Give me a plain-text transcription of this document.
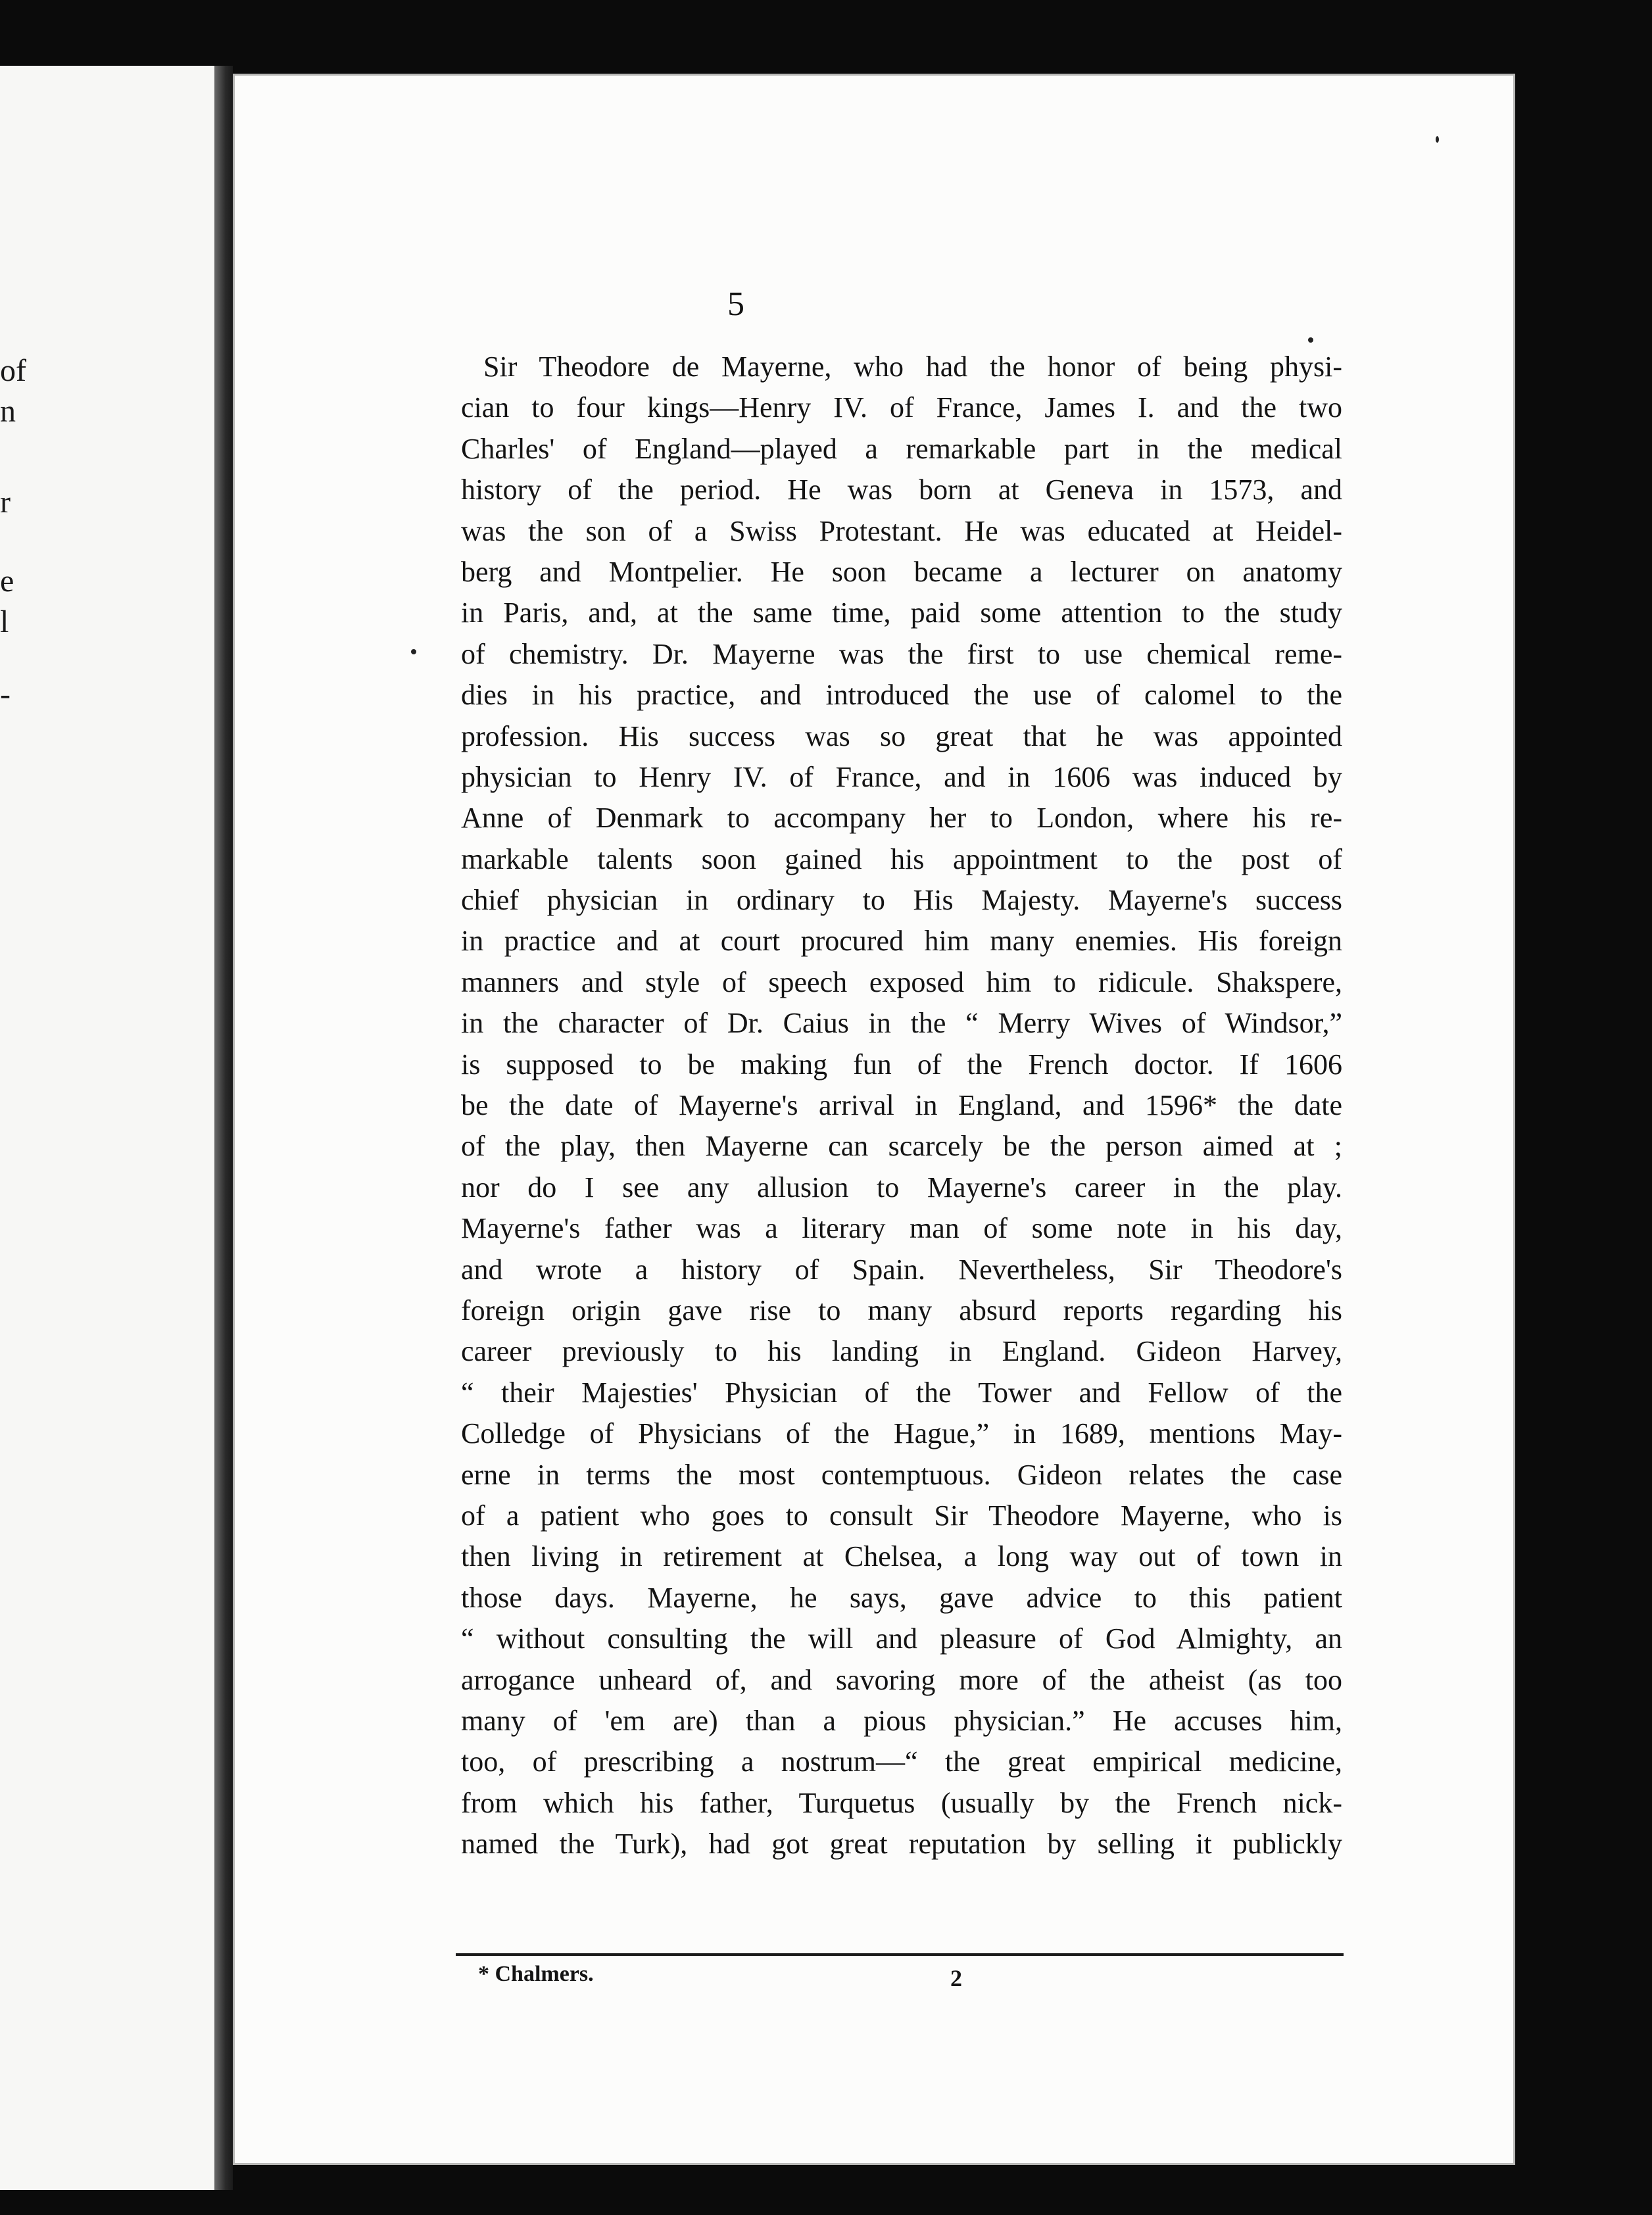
of
n
r
e
l
-
5
Sir Theodore de Mayerne, who had the honor of being physi-
cian to four kings—Henry IV. of France, James I. and the two
Charles' of England—played a remarkable part in the medical
history of the period. He was born at Geneva in 1573, and
was the son of a Swiss Protestant. He was educated at Heidel-
berg and Montpelier. He soon became a lecturer on anatomy
in Paris, and, at the same time, paid some attention to the study
of chemistry. Dr. Mayerne was the first to use chemical reme-
dies in his practice, and introduced the use of calomel to the
profession. His success was so great that he was appointed
physician to Henry IV. of France, and in 1606 was induced by
Anne of Denmark to accompany her to London, where his re-
markable talents soon gained his appointment to the post of
chief physician in ordinary to His Majesty. Mayerne's success
in practice and at court procured him many enemies. His foreign
manners and style of speech exposed him to ridicule. Shakspere,
in the character of Dr. Caius in the “ Merry Wives of Windsor,”
is supposed to be making fun of the French doctor. If 1606
be the date of Mayerne's arrival in England, and 1596* the date
of the play, then Mayerne can scarcely be the person aimed at ;
nor do I see any allusion to Mayerne's career in the play.
Mayerne's father was a literary man of some note in his day,
and wrote a history of Spain. Nevertheless, Sir Theodore's
foreign origin gave rise to many absurd reports regarding his
career previously to his landing in England. Gideon Harvey,
“ their Majesties' Physician of the Tower and Fellow of the
Colledge of Physicians of the Hague,” in 1689, mentions May-
erne in terms the most contemptuous. Gideon relates the case
of a patient who goes to consult Sir Theodore Mayerne, who is
then living in retirement at Chelsea, a long way out of town in
those days. Mayerne, he says, gave advice to this patient
“ without consulting the will and pleasure of God Almighty, an
arrogance unheard of, and savoring more of the atheist (as too
many of 'em are) than a pious physician.” He accuses him,
too, of prescribing a nostrum—“ the great empirical medicine,
from which his father, Turquetus (usually by the French nick-
named the Turk), had got great reputation by selling it publickly
* Chalmers.	2
